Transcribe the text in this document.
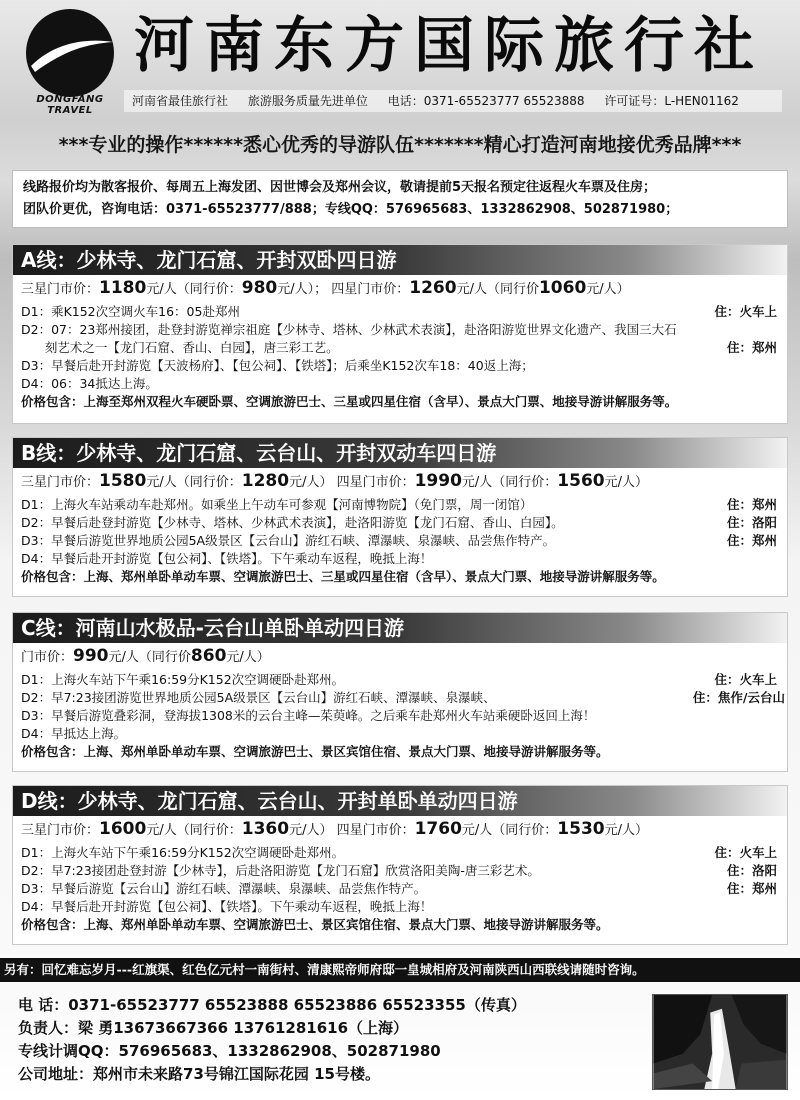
DONGFANG TRAVEL
河南东方国际旅行社
河南省最佳旅行社 旅游服务质量先进单位 电话：0371-65523777 65523888 许可证号：L-HEN01162
***专业的操作******悉心优秀的导游队伍*******精心打造河南地接优秀品牌***
线路报价均为散客报价、每周五上海发团、因世博会及郑州会议，敬请提前5天报名预定往返程火车票及住房；
团队价更优，咨询电话：0371-65523777/888；专线QQ：576965683、1332862908、502871980；
A线：少林寺、龙门石窟、开封双卧四日游
三星门市价：1180元/人（同行价：980元/人）； 四星门市价：1260元/人（同行价1060元/人）
D1：乘K152次空调火车16：05赴郑州	住：火车上
D2：07：23郑州接团，赴登封游览禅宗祖庭【少林寺、塔林、少林武术表演】，赴洛阳游览世界文化遗产、我国三大石
刻艺术之一【龙门石窟、香山、白园】，唐三彩工艺。	住：郑州
D3：早餐后赴开封游览【天波杨府】、【包公祠】、【铁塔】；后乘坐K152次车18：40返上海；
D4：06：34抵达上海。
价格包含：上海至郑州双程火车硬卧票、空调旅游巴士、三星或四星住宿（含早）、景点大门票、地接导游讲解服务等。
B线：少林寺、龙门石窟、云台山、开封双动车四日游
三星门市价：1580元/人（同行价：1280元/人） 四星门市价：1990元/人（同行价：1560元/人）
D1：上海火车站乘动车赴郑州。如乘坐上午动车可参观【河南博物院】（免门票，周一闭馆）	住：郑州
D2：早餐后赴登封游览【少林寺、塔林、少林武术表演】，赴洛阳游览【龙门石窟、香山、白园】。	住：洛阳
D3：早餐后游览世界地质公园5A级景区【云台山】游红石峡、潭瀑峡、泉瀑峡、品尝焦作特产。	住：郑州
D4：早餐后赴开封游览【包公祠】、【铁塔】。下午乘动车返程，晚抵上海！
价格包含：上海、郑州单卧单动车票、空调旅游巴士、三星或四星住宿（含早）、景点大门票、地接导游讲解服务等。
C线：河南山水极品-云台山单卧单动四日游
门市价：990元/人（同行价860元/人）
D1：上海火车站下午乘16:59分K152次空调硬卧赴郑州。	住：火车上
D2：早7:23接团游览世界地质公园5A级景区【云台山】游红石峡、潭瀑峡、泉瀑峡、	住：焦作/云台山
D3：早餐后游览叠彩洞，登海拔1308米的云台主峰—茱萸峰。之后乘车赴郑州火车站乘硬卧返回上海！
D4：早抵达上海。
价格包含：上海、郑州单卧单动车票、空调旅游巴士、景区宾馆住宿、景点大门票、地接导游讲解服务等。
D线：少林寺、龙门石窟、云台山、开封单卧单动四日游
三星门市价：1600元/人（同行价：1360元/人） 四星门市价：1760元/人（同行价：1530元/人）
D1：上海火车站下午乘16:59分K152次空调硬卧赴郑州。	住：火车上
D2：早7:23接团赴登封游【少林寺】，后赴洛阳游览【龙门石窟】欣赏洛阳美陶-唐三彩艺术。	住：洛阳
D3：早餐后游览【云台山】游红石峡、潭瀑峡、泉瀑峡、品尝焦作特产。	住：郑州
D4：早餐后赴开封游览【包公祠】、【铁塔】。下午乘动车返程，晚抵上海！
价格包含：上海、郑州单卧单动车票、空调旅游巴士、景区宾馆住宿、景点大门票、地接导游讲解服务等。
另有：回忆难忘岁月---红旗渠、红色亿元村一南街村、清康熙帝师府邸一皇城相府及河南陕西山西联线请随时咨询。
电 话：0371-65523777 65523888 65523886 65523355（传真）
负责人：梁 勇13673667366 13761281616（上海）
专线计调QQ：576965683、1332862908、502871980
公司地址：郑州市未来路73号锦江国际花园 15号楼。
